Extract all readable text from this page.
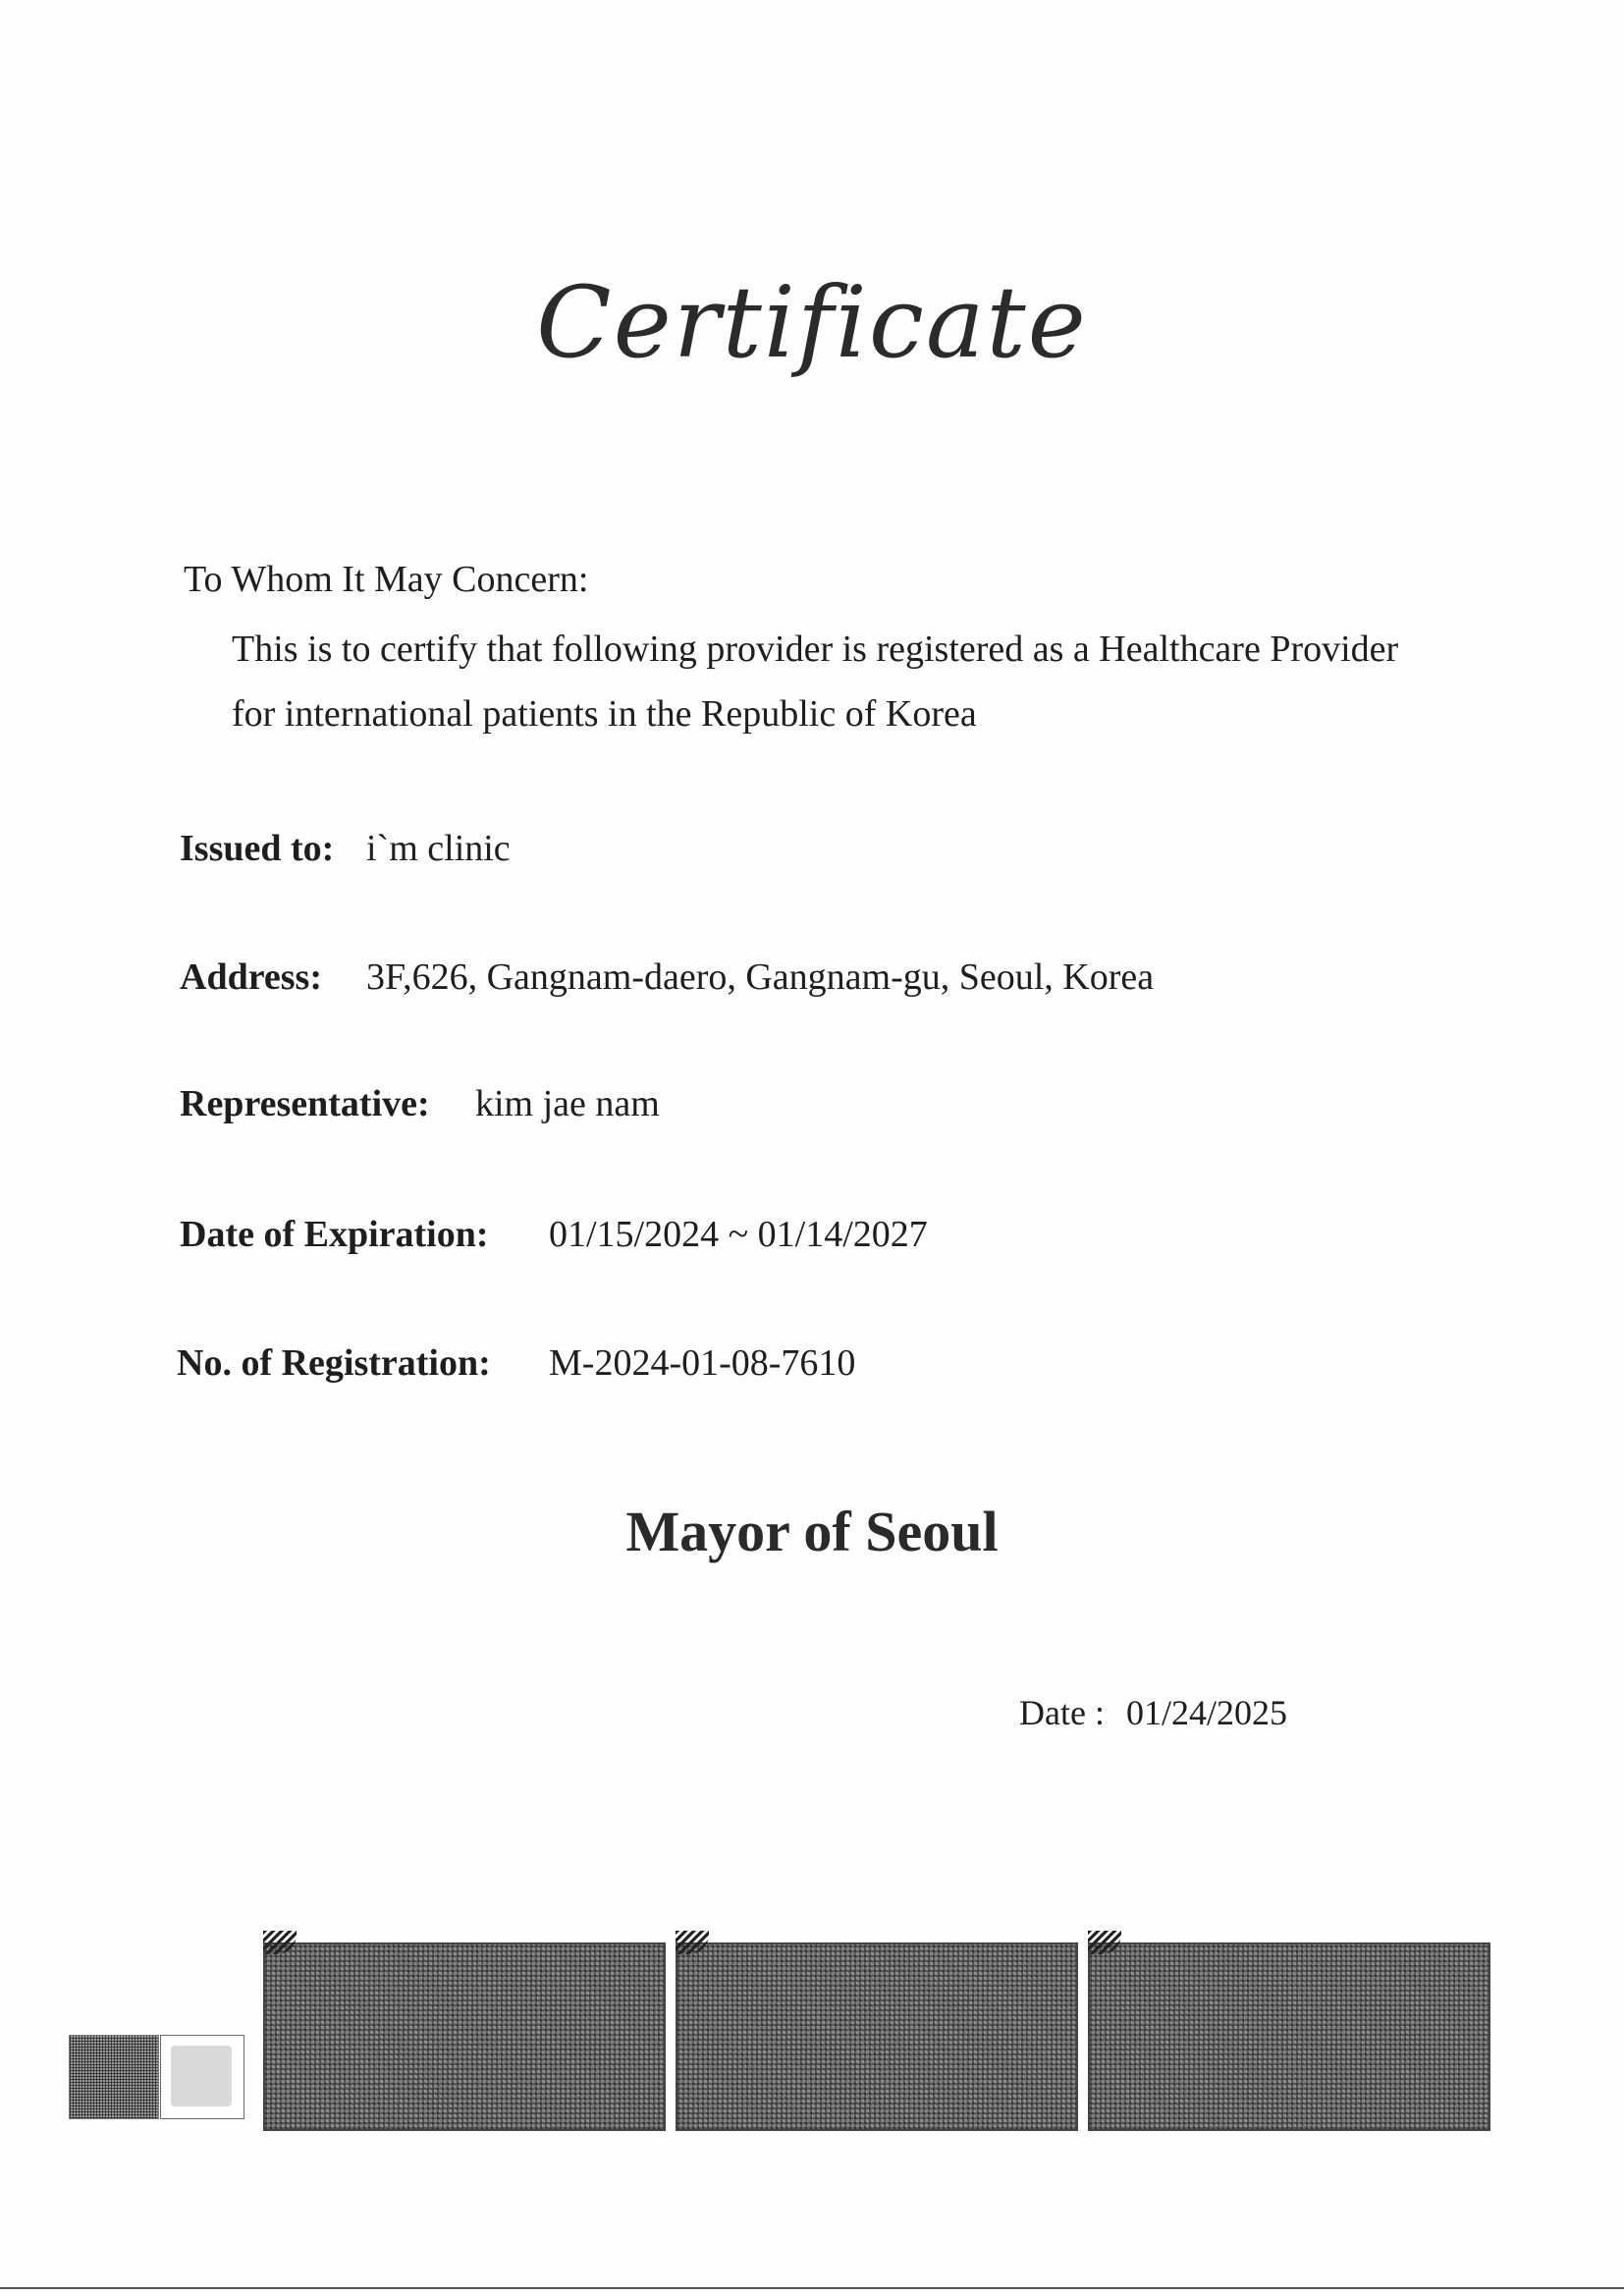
Certificate
To Whom It May Concern:
This is to certify that following provider is registered as a Healthcare Provider
for international patients in the Republic of Korea
Issued to: i`m clinic
Address: 3F,626, Gangnam-daero, Gangnam-gu, Seoul, Korea
Representative: kim jae nam
Date of Expiration: 01/15/2024 ~ 01/14/2027
No. of Registration: M-2024-01-08-7610
Mayor of Seoul
Date : 01/24/2025
